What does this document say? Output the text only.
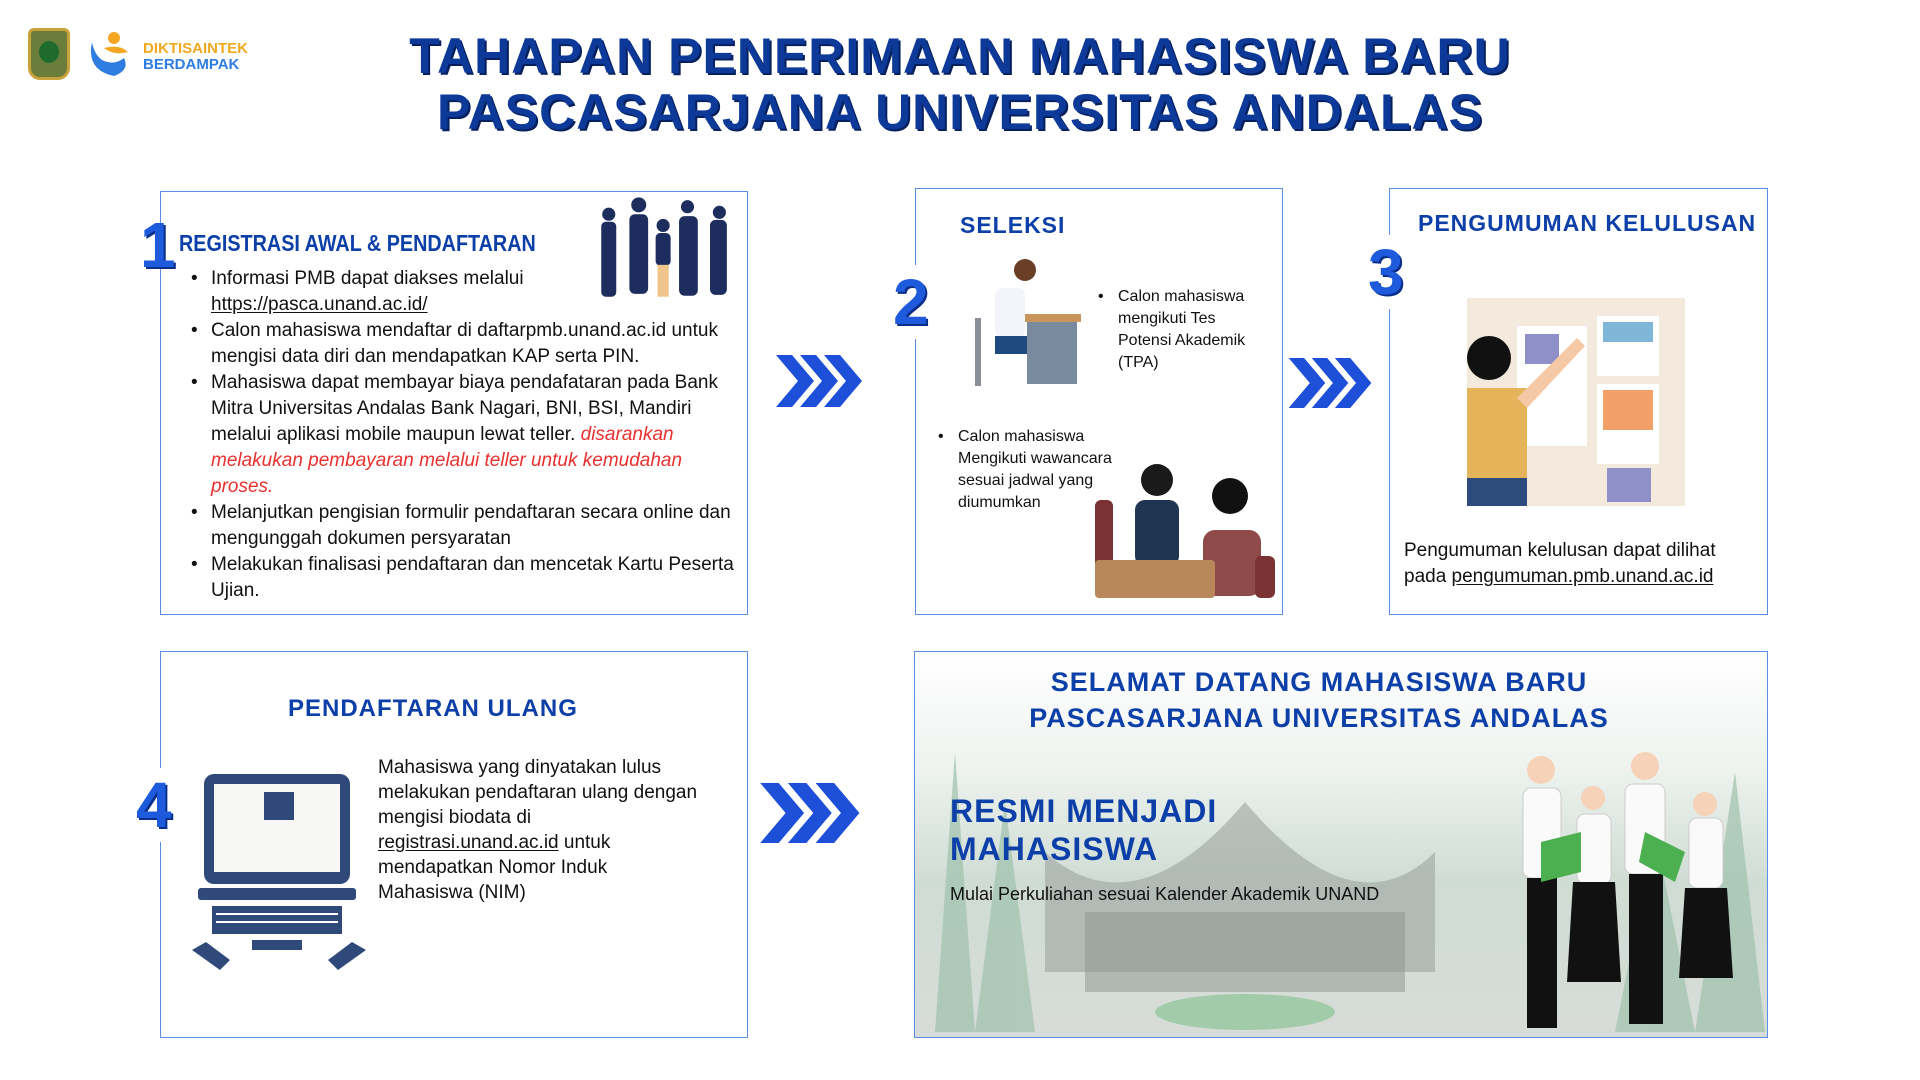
DIKTISAINTEK
BERDAMPAK	TAHAPAN PENERIMAAN MAHASISWA BARU
PASCASARJANA UNIVERSITAS ANDALAS
1 REGISTRASI AWAL & PENDAFTARAN
• Informasi PMB dapat diakses melalui
https://pasca.unand.ac.id/
• Calon mahasiswa mendaftar di daftarpmb.unand.ac.id untuk mengisi data diri dan mendapatkan KAP serta PIN.
• Mahasiswa dapat membayar biaya pendafataran pada Bank Mitra Universitas Andalas Bank Nagari, BNI, BSI, Mandiri melalui aplikasi mobile maupun lewat teller. disarankan melakukan pembayaran melalui teller untuk kemudahan proses.
• Melanjutkan pengisian formulir pendaftaran secara online dan mengunggah dokumen persyaratan
• Melakukan finalisasi pendaftaran dan mencetak Kartu Peserta Ujian.
2
SELEKSI
• Calon mahasiswa mengikuti Tes Potensi Akademik (TPA)
• Calon mahasiswa Mengikuti wawancara sesuai jadwal yang diumumkan
3
PENGUMUMAN KELULUSAN
Pengumuman kelulusan dapat dilihat pada pengumuman.pmb.unand.ac.id
4
PENDAFTARAN ULANG
Mahasiswa yang dinyatakan lulus melakukan pendaftaran ulang dengan mengisi biodata di registrasi.unand.ac.id untuk mendapatkan Nomor Induk Mahasiswa (NIM)
SELAMAT DATANG MAHASISWA BARU
PASCASARJANA UNIVERSITAS ANDALAS
RESMI MENJADI
MAHASISWA
Mulai Perkuliahan sesuai Kalender Akademik UNAND
